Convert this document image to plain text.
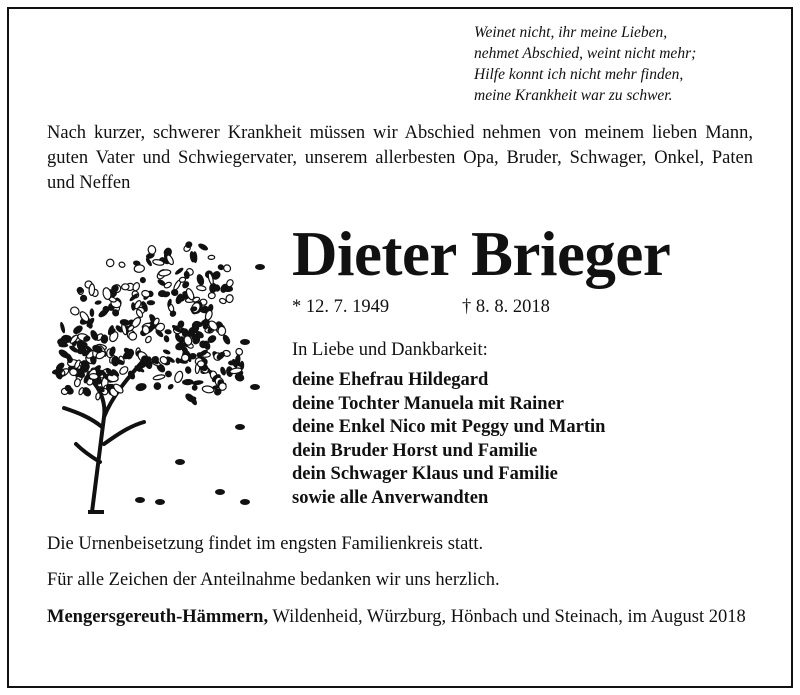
Weinet nicht, ihr meine Lieben,
nehmet Abschied, weint nicht mehr;
Hilfe konnt ich nicht mehr finden,
meine Krankheit war zu schwer.
Nach kurzer, schwerer Krankheit müssen wir Abschied nehmen von meinem lieben Mann, guten Vater und Schwiegervater, unserem allerbesten Opa, Bruder, Schwager, Onkel, Paten und Neffen
Dieter Brieger
* 12. 7. 1949	† 8. 8. 2018
In Liebe und Dankbarkeit:
deine Ehefrau Hildegard
deine Tochter Manuela mit Rainer
deine Enkel Nico mit Peggy und Martin
dein Bruder Horst und Familie
dein Schwager Klaus und Familie
sowie alle Anverwandten
Die Urnenbeisetzung findet im engsten Familienkreis statt.
Für alle Zeichen der Anteilnahme bedanken wir uns herzlich.
Mengersgereuth-Hämmern, Wildenheid, Würzburg, Hönbach und Steinach, im August 2018
